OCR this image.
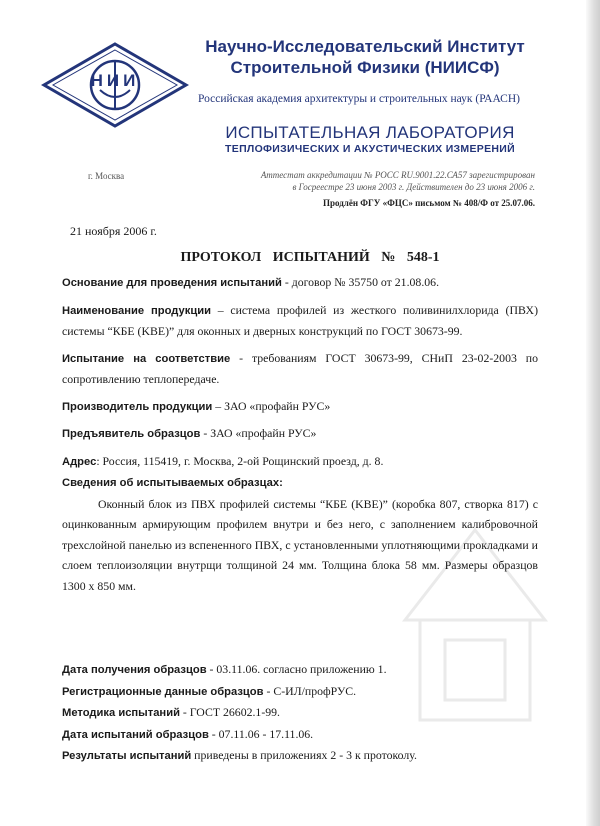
НИИ
Научно-Исследовательский Институт
Строительной Физики (НИИСФ)
Российская академия архитектуры и строительных наук (РААСН)
ИСПЫТАТЕЛЬНАЯ ЛАБОРАТОРИЯ
ТЕПЛОФИЗИЧЕСКИХ И АКУСТИЧЕСКИХ ИЗМЕРЕНИЙ
г. Москва	Аттестат аккредитации № РОСС RU.9001.22.СА57 зарегистрирован
в Госреестре 23 июня 2003 г. Действителен до 23 июня 2006 г.
Продлён ФГУ «ФЦС» письмом № 408/Ф от 25.07.06.
21 ноября 2006 г.
ПРОТОКОЛ ИСПЫТАНИЙ № 548-1

Основание для проведения испытаний - договор № 35750 от 21.08.06.

Наименование продукции – система профилей из жесткого поливинилхлорида (ПВХ) системы “КБЕ (KBE)” для оконных и дверных конструкций по ГОСТ 30673-99.

Испытание на соответствие - требованиям ГОСТ 30673-99, СНиП 23-02-2003 по сопротивлению теплопередаче.

Производитель продукции – ЗАО «профайн РУС»

Предъявитель образцов - ЗАО «профайн РУС»

Адрес: Россия, 115419, г. Москва, 2-ой Рощинский проезд, д. 8.

Сведения об испытываемых образцах:

Оконный блок из ПВХ профилей системы “КБЕ (KBE)” (коробка 807, створка 817) с оцинкованным армирующим профилем внутри и без него, с заполнением калибровочной трехслойной панелью из вспененного ПВХ, с установленными уплотняющими прокладками и слоем теплоизоляции внутрщи толщиной 24 мм. Толщина блока 58 мм. Размеры образцов 1300 х 850 мм.

Дата получения образцов - 03.11.06. согласно приложению 1.

Регистрационные данные образцов - С-ИЛ/профРУС.

Методика испытаний - ГОСТ 26602.1-99.

Дата испытаний образцов - 07.11.06 - 17.11.06.

Результаты испытаний приведены в приложениях 2 - 3 к протоколу.
